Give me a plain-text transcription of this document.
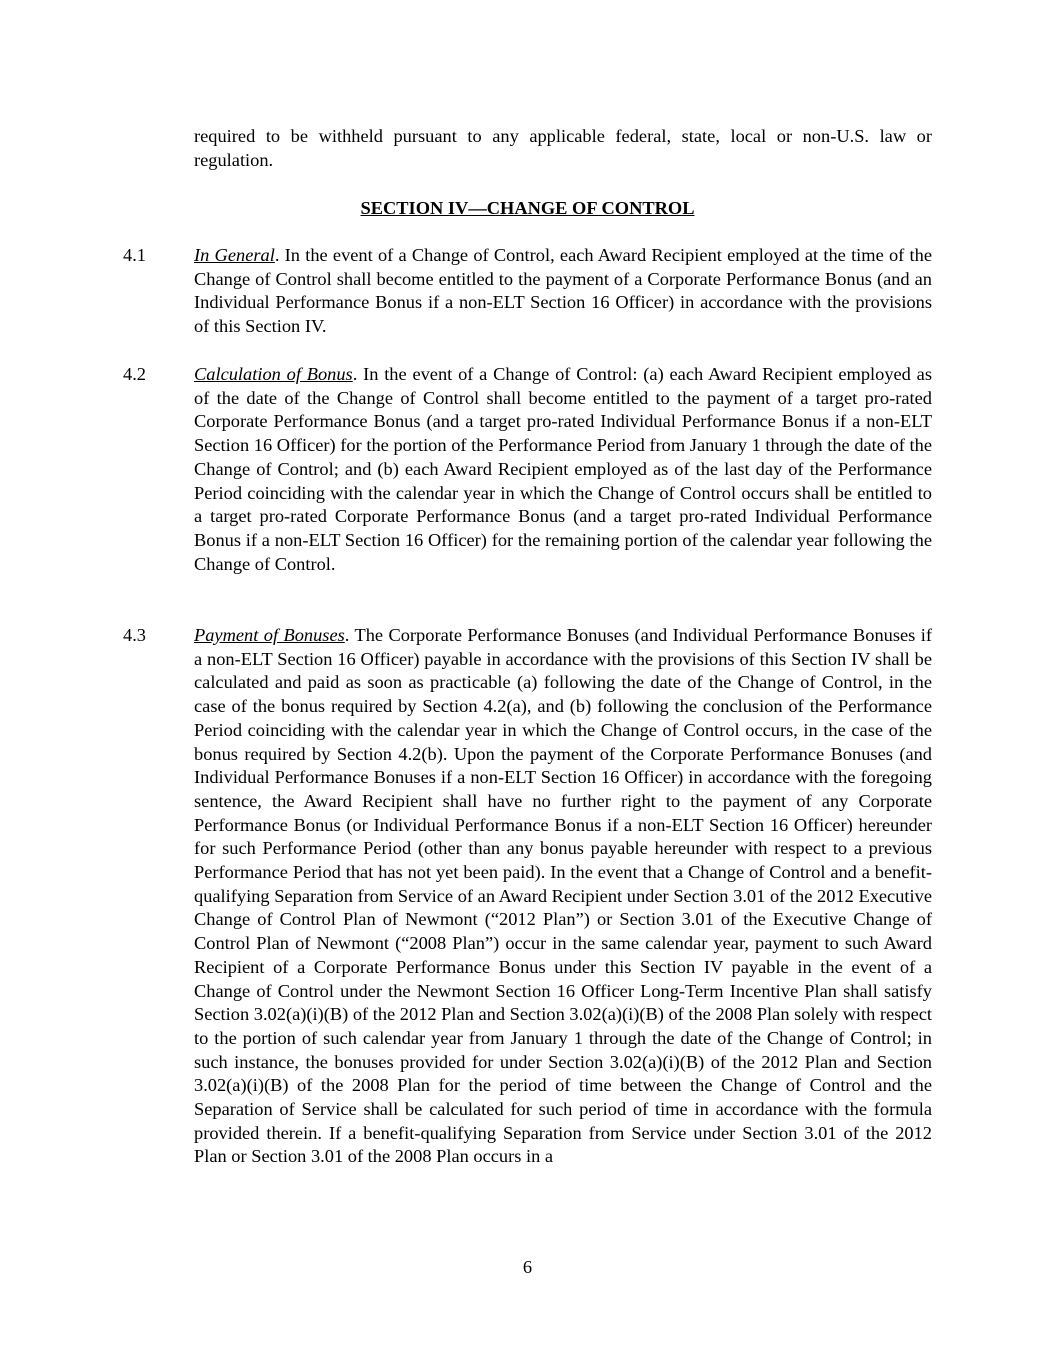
required to be withheld pursuant to any applicable federal, state, local or non-U.S. law or regulation.

SECTION IV—CHANGE OF CONTROL

4.1	In General. In the event of a Change of Control, each Award Recipient employed at the time of the Change of Control shall become entitled to the payment of a Corporate Performance Bonus (and an Individual Performance Bonus if a non-ELT Section 16 Officer) in accordance with the provisions of this Section IV.

4.2	Calculation of Bonus. In the event of a Change of Control: (a) each Award Recipient employed as of the date of the Change of Control shall become entitled to the payment of a target pro-rated Corporate Performance Bonus (and a target pro-rated Individual Performance Bonus if a non-ELT Section 16 Officer) for the portion of the Performance Period from January 1 through the date of the Change of Control; and (b) each Award Recipient employed as of the last day of the Performance Period coinciding with the calendar year in which the Change of Control occurs shall be entitled to a target pro-rated Corporate Performance Bonus (and a target pro-rated Individual Performance Bonus if a non-ELT Section 16 Officer) for the remaining portion of the calendar year following the Change of Control.

4.3	Payment of Bonuses. The Corporate Performance Bonuses (and Individual Performance Bonuses if a non-ELT Section 16 Officer) payable in accordance with the provisions of this Section IV shall be calculated and paid as soon as practicable (a) following the date of the Change of Control, in the case of the bonus required by Section 4.2(a), and (b) following the conclusion of the Performance Period coinciding with the calendar year in which the Change of Control occurs, in the case of the bonus required by Section 4.2(b). Upon the payment of the Corporate Performance Bonuses (and Individual Performance Bonuses if a non-ELT Section 16 Officer) in accordance with the foregoing sentence, the Award Recipient shall have no further right to the payment of any Corporate Performance Bonus (or Individual Performance Bonus if a non-ELT Section 16 Officer) hereunder for such Performance Period (other than any bonus payable hereunder with respect to a previous Performance Period that has not yet been paid). In the event that a Change of Control and a benefit-qualifying Separation from Service of an Award Recipient under Section 3.01 of the 2012 Executive Change of Control Plan of Newmont (“2012 Plan”) or Section 3.01 of the Executive Change of Control Plan of Newmont (“2008 Plan”) occur in the same calendar year, payment to such Award Recipient of a Corporate Performance Bonus under this Section IV payable in the event of a Change of Control under the Newmont Section 16 Officer Long-Term Incentive Plan shall satisfy Section 3.02(a)(i)(B) of the 2012 Plan and Section 3.02(a)(i)(B) of the 2008 Plan solely with respect to the portion of such calendar year from January 1 through the date of the Change of Control; in such instance, the bonuses provided for under Section 3.02(a)(i)(B) of the 2012 Plan and Section 3.02(a)(i)(B) of the 2008 Plan for the period of time between the Change of Control and the Separation of Service shall be calculated for such period of time in accordance with the formula provided therein. If a benefit-qualifying Separation from Service under Section 3.01 of the 2012 Plan or Section 3.01 of the 2008 Plan occurs in a

6
